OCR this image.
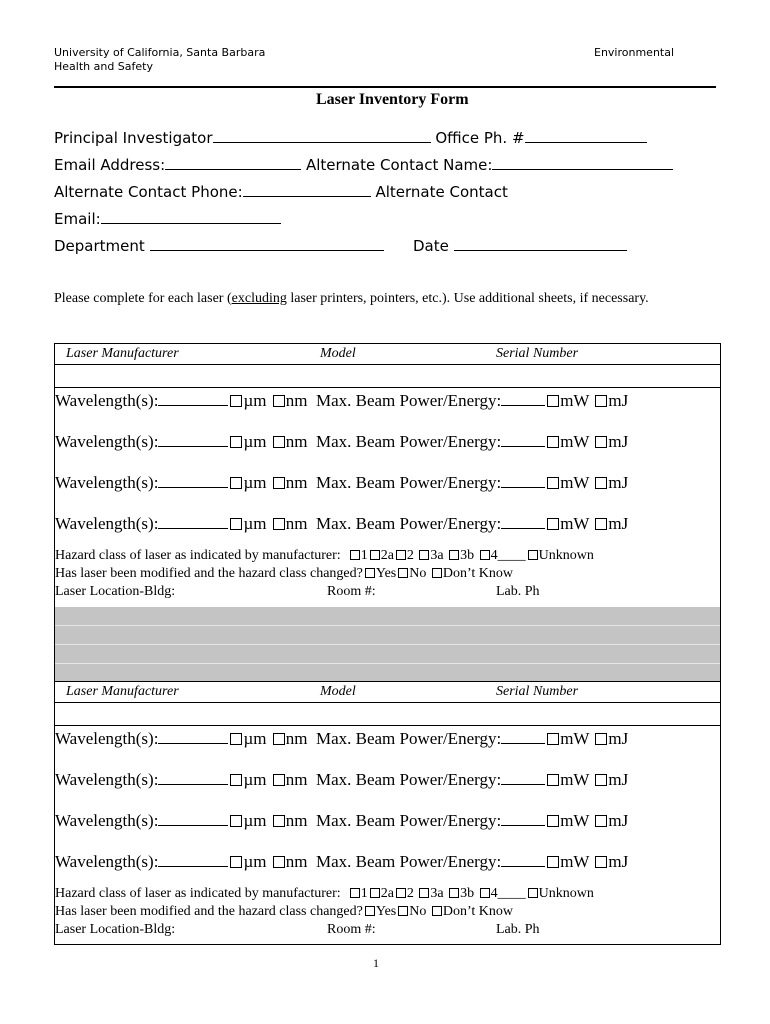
University of California, Santa Barbara
Health and Safety
Environmental
Laser Inventory Form
Principal Investigator	Office Ph. #
Email Address:	Alternate Contact Name:
Alternate Contact Phone:	Alternate Contact
Email:
Department	Date
Please complete for each laser (excluding laser printers, pointers, etc.). Use additional sheets, if necessary.
Laser Manufacturer	Model	Serial Number
Wavelength(s):	µm nm Max. Beam Power/Energy:	mW mJ
Wavelength(s):	µm nm Max. Beam Power/Energy:	mW mJ
Wavelength(s):	µm nm Max. Beam Power/Energy:	mW mJ
Wavelength(s):	µm nm Max. Beam Power/Energy:	mW mJ
Hazard class of laser as indicated by manufacturer: 1 2a 2 3a 3b 4____ Unknown
Has laser been modified and the hazard class changed? Yes No Don’t Know
Laser Location-Bldg:	Room #:	Lab. Ph
Laser Manufacturer	Model	Serial Number
Wavelength(s):	µm nm Max. Beam Power/Energy:	mW mJ
Wavelength(s):	µm nm Max. Beam Power/Energy:	mW mJ
Wavelength(s):	µm nm Max. Beam Power/Energy:	mW mJ
Wavelength(s):	µm nm Max. Beam Power/Energy:	mW mJ
Hazard class of laser as indicated by manufacturer: 1 2a 2 3a 3b 4____ Unknown
Has laser been modified and the hazard class changed? Yes No Don’t Know
Laser Location-Bldg:	Room #:	Lab. Ph
1
